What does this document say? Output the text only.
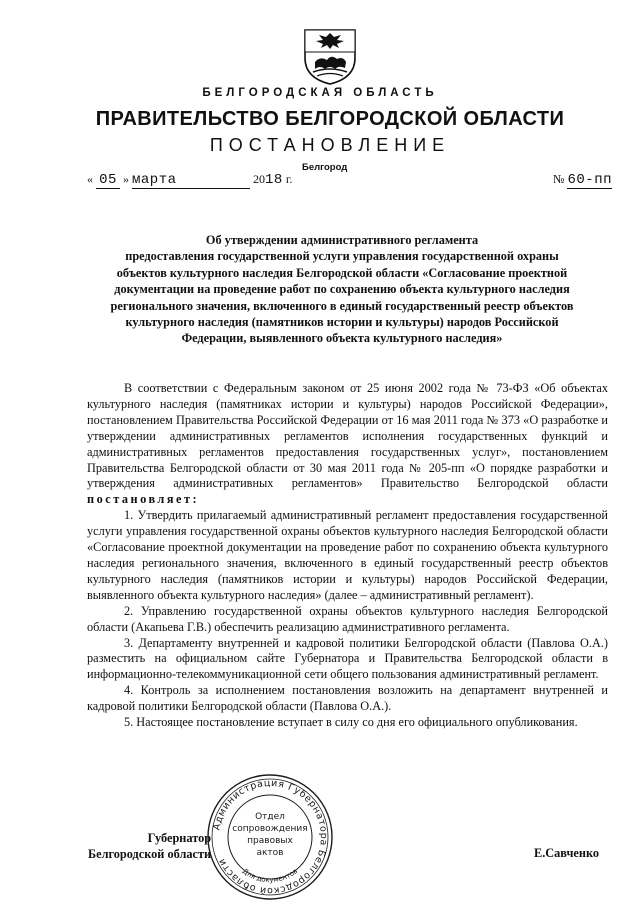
БЕЛГОРОДСКАЯ ОБЛАСТЬ
ПРАВИТЕЛЬСТВО БЕЛГОРОДСКОЙ ОБЛАСТИ
ПОСТАНОВЛЕНИЕ
Белгород
« 05 » марта	2018 г.	№ 60-пп
Об утверждении административного регламента
предоставления государственной услуги управления государственной охраны
объектов культурного наследия Белгородской области «Согласование проектной
документации на проведение работ по сохранению объекта культурного наследия
регионального значения, включенного в единый государственный реестр объектов
культурного наследия (памятников истории и культуры) народов Российской
Федерации, выявленного объекта культурного наследия»

В соответствии с Федеральным законом от 25 июня 2002 года № 73-ФЗ «Об объектах культурного наследия (памятниках истории и культуры) народов Российской Федерации», постановлением Правительства Российской Федерации от 16 мая 2011 года № 373 «О разработке и утверждении административных регламентов исполнения государственных функций и административных регламентов предоставления государственных услуг», постановлением Правительства Белгородской области от 30 мая 2011 года № 205-пп «О порядке разработки и утверждения административных регламентов» Правительство Белгородской области постановляет:

1. Утвердить прилагаемый административный регламент предоставления государственной услуги управления государственной охраны объектов культурного наследия Белгородской области «Согласование проектной документации на проведение работ по сохранению объекта культурного наследия регионального значения, включенного в единый государственный реестр объектов культурного наследия (памятников истории и культуры) народов Российской Федерации, выявленного объекта культурного наследия» (далее – административный регламент).

2. Управлению государственной охраны объектов культурного наследия Белгородской области (Акапьева Г.В.) обеспечить реализацию административного регламента.

3. Департаменту внутренней и кадровой политики Белгородской области (Павлова О.А.) разместить на официальном сайте Губернатора и Правительства Белгородской области в информационно-телекоммуникационной сети общего пользования административный регламент.

4. Контроль за исполнением постановления возложить на департамент внутренней и кадровой политики Белгородской области (Павлова О.А.).

5. Настоящее постановление вступает в силу со дня его официального опубликования.

Губернатор
Белгородской области	Е.Савченко
Администрация Губернатора Белгородской области
Для документов
Отдел
сопровождения
правовых
актов
